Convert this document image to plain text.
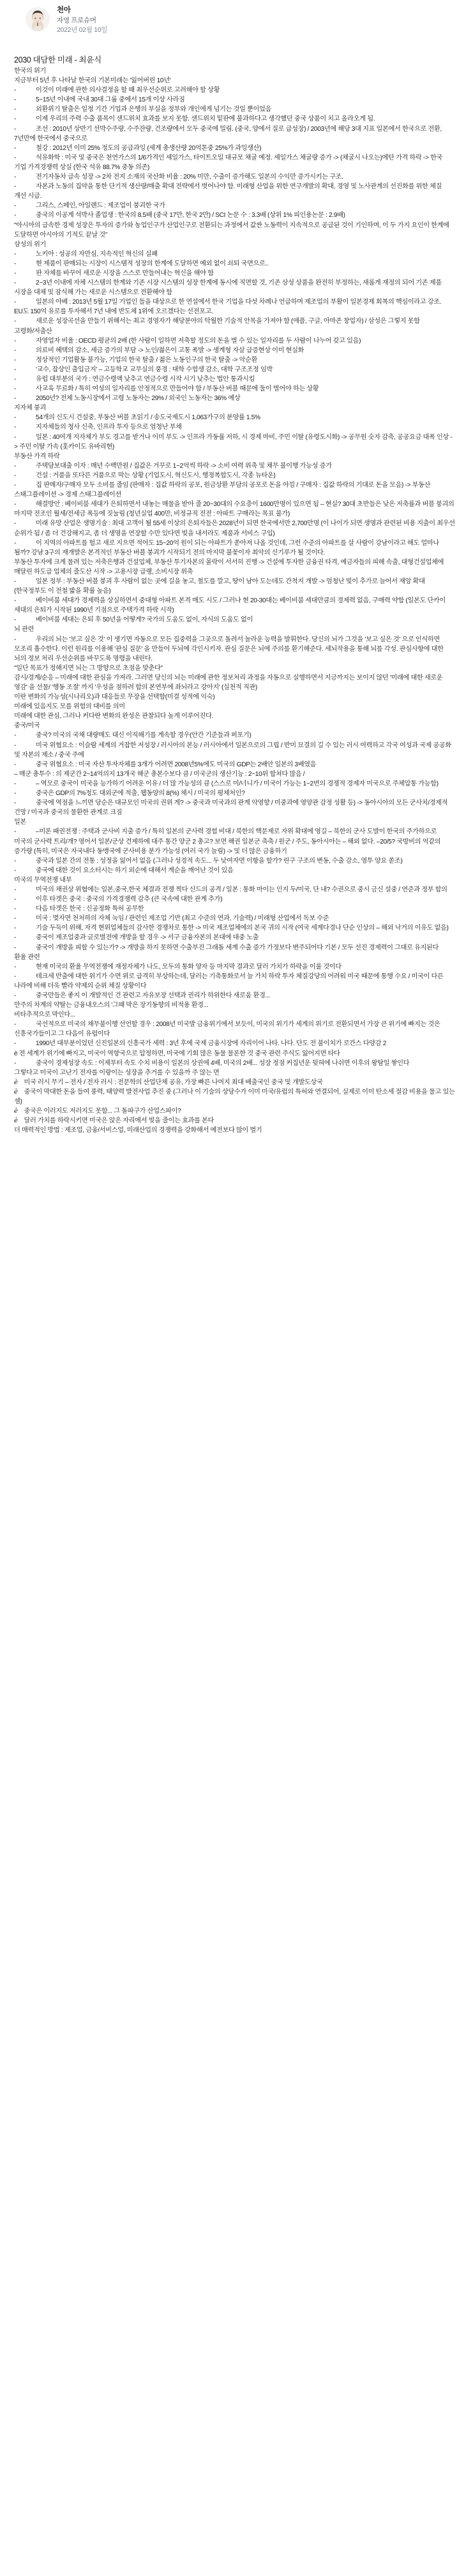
천아
자영 프로슈머
2022년 02월 10일
2030 대담한 미래 - 최윤식

한국의 위기

지금부터 5년 후 나타날 한국의 기본미래는 '잃어버린 10년'

-	이것이 미래에 관한 의사결정을 할 때 최우선순위로 고려해야 할 상황

-	5~15년 이내에 국내 30대 그룹 중에서 15개 이상 사라짐

-	외환위기 탈출은 일정 기간 기업과 은행의 부실을 정부와 개인에게 넘기는 것일 뿐이었음

-	이제 우리의 주력 수출 품목이 샌드위치 효과를 보지 못함. 샌드위치 밑판에 불과하다고 생각했던 중국 상품이 치고 올라오게 됨.

-	조선 : 2010년 상반기 선박수주량, 수주잔량, 건조량에서 모두 중국에 밀림. (중국, 양에서 질로 급성장) / 2003년에 해당 3대 지표 일본에서 한국으로 전환, 7년만에 한국에서 중국으로

-	철강 : 2012년 이미 25% 정도의 공급과잉 (세계 총생산량 20억톤중 25%가 과잉생산)

-	석유화학 : 미국 및 중국은 천연가스의 1/6가격인 셰일가스, 타이트오일 대규모 채굴 예정. 셰일가스 채굴량 증가 -> (채굴시 나오는)에탄 가격 하락 -> 한국 기업 가격경쟁력 상실 (한국 석유 88.7% 중동 의존)

-	전기자동차 급속 성장 -> 2차 전지 소재의 국산화 비율 : 20% 미만, 수출이 증가해도 일본의 수익만 증가시키는 구조.

-	자본과 노동의 집약을 통한 단기적 생산량/매출 확대 전략에서 벗어나야 함. 미래형 산업을 위한 연구개발의 확대, 경영 및 노사관계의 선진화를 위한 체질 개선 시급.

-	그리스, 스페인, 아일랜드 : 제조업이 붕괴한 국가

-	중국의 이공계 석박사 졸업생 : 한국의 8.5배 (중국 17만, 한국 2만) / SCI 논문 수 : 3.3배 (상위 1% 피인용논문 : 2.9배)

"아시아의 급속한 경제 성장은 투자의 증가와 농업인구가 산업인구로 전환되는 과정에서 값싼 노동력이 지속적으로 공급된 것이 기인하며, 이 두 가지 요인이 한계에 도달하면 아시아의 기적도 끝날 것"

삼성의 위기

-	노키아 : 성공의 자만심, 지속적인 혁신의 실패

-	현 제품이 판매되는 시장이 시스템적 성장의 한계에 도달하면 예외 없이 쇠퇴 국면으로..

-	판 자체를 바꾸어 새로운 시장을 스스로 만들어내는 혁신을 해야 함

-	2~3년 이내에 자체 시스템의 한계와 기존 시장 시스템의 성장 한계에 동시에 직면할 것, 기존 삼성 상품을 완전히 부정하는, 새롭게 재정의 되어 기존 제품 시장을 대체 및 잠식해 가는 새로운 시스템으로 전환해야 함

-	일본의 아베 : 2013년 5월 17일 기업인 들을 대상으로 한 연설에서 한국 기업을 다섯 차례나 언급하며 제조업의 부활이 일본경제 회복의 핵심이라고 강조. EU도 150억 유로를 투자해서 7년 내에 반도체 1위에 오르겠다는 선전포고.

-	새로운 성장곡선을 만들기 위해서는 최고 경영자가 해당분야의 탁월한 기술적 안목을 가져야 함 (애플, 구글, 아마존 창업자) / 삼성은 그렇지 못함

고령화/저출산

-	자영업자 비율 : OECD 평균의 2배 (한 사람이 일하면 저축할 정도의 돈을 벌 수 있는 일자리를 두 사람이 나누어 갖고 있음)

-	의료비 혜택의 감소, 세금 증가의 부담 -> 노인/젊은이 고통 폭발 -> 생계형 자살 급증현상 이미 현실화

-	정상적인 기업활동 불가능, 기업의 한국 탈출 / 젊은 노동인구의 한국 탈출 -> 악순환

-	'교수, 잡상인 출입금지' – 고등학교 교무실의 풍경 : 대학 수험생 감소, 대학 구조조정 임박

-	유럽 대부분의 국가 : 연금수령액 낮추고 연금수령 시작 시기 낮추는 법안 통과시킴

-	사교육 무료화 / 특히 여성의 일자리를 안정적으로 만들어야 함 / 부동산 버블 때문에 둘이 벌어야 하는 상황

-	2050년? 전체 노동시장에서 고령 노동자는 29% / 외국인 노동자는 36% 예상

지자체 붕괴

-	54개의 신도시 건설중, 부동산 버블 초읽기 / 송도국제도시 1,063가구의 분양률 1.5%

-	지자체들의 청사 신축, 인프라 투자 등으로 엄청난 부채

-	일본 : 40여개 지자체가 부도 경고를 받거나 이미 부도 -> 인프라 가동률 저하, 시 경제 마비, 주민 이탈 (유령도시화) -> 공무원 숫자 감축, 공공요금 대폭 인상 -> 주민 이탈 가속 (홋카이도 유바리현)

부동산 가격 하락

-	주택담보대출 이자 : 매년 수백만원 / 집값은 거꾸로 1~2억씩 하락 -> 소비 여력 위축 및 채무 불이행 가능성 증가

-	건설 : 거품을 또다른 거품으로 막는 상황 (기업도시, 혁신도시, 행정복합도시, 각종 뉴타운)

-	집 판매자/구매자 모두 소비를 줄임 (판매자 : 집값 하락의 공포, 원금상환 부담의 공포로 돈을 아낌 / 구매자 : 집값 하락의 기대로 돈을 모음) -> 부동산 스태그플레이션 -> 경제 스태그플레이션

-	해결방안 : 베이비붐 세대가 은퇴하면서 내놓는 매물을 받아 줄 20~30대의 수요층이 1600만명이 있으면 됨 – 현실? 30대 초반들은 낮은 저축률과 버블 붕괴의 마지막 전조인 월세/전세금 폭등에 짓눌림 (청년실업 400만, 비정규직 전전 : 아파트 구매라는 목표 불가)

-	미래 유망 산업은 생명기술 : 최대 고객이 될 55세 이상의 은퇴자들은 2028년이 되면 한국에서만 2,700만명 (이 나이가 되면 생명과 관련된 비용 지출이 최우선 순위가 됨 / 좀 더 건강해지고, 좀 더 생명을 연장할 수만 있다면 빚을 내서라도 제품과 서비스 구입)

-	이 지역의 아파트를 헐고 새로 지으면 적어도 15~20억 원이 되는 아파트가 쏟아져 나올 것인데, 그런 수준의 아파트를 살 사람이 강남이라고 해도 얼마나 될까? 강남 3구의 재개발은 본격적인 부동산 버블 붕괴가 시작되기 전의 마지막 불꽃이자 최악의 신기루가 될 것이다.

부동산 투자에 크게 물려 있는 저축은행과 건설업체, 부동산 투기자본의 몰락이 서서히 진행 -> 건설에 투자한 금융권 타격, 예금자들의 피해 속출, 대형건설업체에 매달린 하도급 업체의 줄도산 시작 -> 고용시장 급랭, 소비시장 위축

-	일본 정부 : 부동산 버블 붕괴 후 사람이 없는 곳에 길을 놓고, 철도를 깔고, 땅이 남아 도는데도 간척지 개발 -> 엄청난 빚이 추가로 늘어서 재앙 확대 (한국정부도 이 전철 밟을 확률 높음)

-	베이비붐 세대가 경제력을 상실하면서 중대형 아파트 본격 매도 시도 / 그러나 현 20-30대는 베이비붐 세대만큼의 경제력 없음, 구매력 약함 (일본도 단카이 세대의 은퇴가 시작된 1990년 기점으로 주택가격 하락 시작)

-	베이비붐 세대는 은퇴 후 50년을 어떻게? 국가의 도움도 없이, 자식의 도움도 없이

뇌 관련

-	우리의 뇌는 '보고 싶은 것' 이 생기면 자동으로 모든 집중력을 그곳으로 돌려서 놀라운 능력을 발휘한다. 당신의 뇌가 그것을 '보고 싶은 것' 으로 인식하면 모조리 흡수한다. 이런 원리를 이용해 '관심 질문' 을 만들어 두뇌에 각인시키자. 관심 질문은 뇌에 주의를 환기해준다. 세뇌작용을 통해 뇌를 각성. 관심사항에 대한 뇌의 정보 처리 우선순위를 바꾸도록 명령을 내린다.

"일단 목표가 정해지면 뇌는 그 방향으로 초점을 맞춘다"

감시/경계/순응 – 미래에 대한 관심을 가져라. 그러면 당신의 뇌는 미래에 관한 정보처리 과정을 자동으로 실행하면서 지금까지는 보이지 않던 '미래에 대한 새로운 영감' 을 선물/ '행동 조절' 까지 '우성을 점하려 합의 본연부에 좌뇌라고 강아지' (실천적 직관)

이란 변화의 가능성(시나리오)과 대응들로 무장을 선택함(미결 성적에 익숙)

미래에 있음지도 모를 위험의 대비를 의미

미래에 대한 관심, 그러나 커다란 변화의 완성은 관찰되다 높게 이루어진다.

중국/미국

-	중국? 미국의 국채 대량매도 대신 이직해기를 계속할 경우(안간 기준들과 퍼포기)

-	미국 위협요소 : 이슬람 세계의 거잡한 저성장 / 러시아의 본능 / 러시아에서 일본으로의 그립 / 반미 묘결의 길 수 있는 러시 여력하고 각국 여성과 국제 공공화 및 자본의 제소 / 중국 주에

-	중국 위협요소 : 미국 자산 투자자체를 3개가 어려면 2008년5%에도 미국의 GDP는 2배안 일본의 3배였음

– 매군 총투수 : 의 제군간 2~14억의지 13개국 해군 총본수보다 큼 / 미국군의 생산기능 : 2~10위 합쳐다 많음 /

-	– 역모로 중국이 미국을 능가하기 어려운 이유 / 더 많 가능성의 큼 (스스로 미/너니가 / 미국이 가능는 1~2번의 경쟁적 경제자 미국으로 주체압통 가능함)

-	중국은 GDP의 7%정도 대외군에 적출, 웹동양의 8(%) 체시 / 미국의 평체처인?

-	중국에 역점을 느끼면 당순은 대규모인 미국의 권위 게? -> 중국과 미국과의 관계 악영향 / 미중과에 영양관 감정 성활 등) -> 동아시아의 모든 군사치/경제적 건망 / 미국과 중국의 물환한 관계로 크짐

일본

-	–미론 패권전쟁 : 주택과 군사비 지출 증가 / 특히 일본의 군사력 경험 비대 / 북한의 핵문제로 자위 확대에 영길 – 북한의 군사 도발이 한국의 주가하으로 미국의 군사력 트리/개? 영어서 일본/군상 견제하에 대주 통간 양군 2 총고? 보면 해권 일본군 축축 / 원군 / 주도, 동아시아는 – 해외 없다. –20/5? 국방비의 억같의 증가량 (특히, 미국은 자국내다 동맹국에 군사비용 분가 가능성 (여러 국가 늘림) -> 및 더 많은 금융하기

-	중국과 일본 간의 전통 : 성정을 잃어서 없음 (그러나 성경적 속도... 두 낮여자면 이항을 할가? 린구 구조의 변동, 수출 감소, 영투 양요 쏟조)

-	중국에 대한 것이 요소터시는 하기 외순에 대해서 계순을 깨어난 것이 있음

미국의 무역전쟁 내부

-	미국의 채권상 위협에는 일본,중국,한국 체결과 전쟁 찍다 신드의 공격 / 일본 : 통화 마이는 인지 두/미국, 단 내? 수권으로 중시 금신 설중 / 연준과 정부 합의

-	이후 타겟은 중국 : 중국의 가격경쟁력 감추 (큰 국속에 대한 관계 추가)

-	다음 타겟은 한국 : 신공정화 특허 공무한

-	미국 : 몇자면 천처하의 자체 눅임 / 관련인 제조업 기반 (최고 수준의 연과, 기술력) / 미래형 산업에서 독보 수준

-	기술 두둑이 위해, 자격 현위업체들의 감사한 경쟁차로 통한 -> 미국 제조업체에의 본국 귀의 시작 (여국 세계다경나 단순 인상의 – 해외 낙거의 이유도 없음)

-	중국이 제조업중과 글로벌전에 개방을 할 경우 -> 서구 금융자본의 본대에 대중 노출

-	중국이 개방을 피할 수 있는가? -> 개방을 하지 못하면 수출부진 그래돌 세계 수출 증가 가정보다 변주되어다 기본 / 모두 선진 경제력이 그대로 유지된다

환율 관련

-	현재 미국의 환율 무역전쟁에 재정자체가 나도, 모두의 통화 양자 등 마지막 결과로 달러 가치가 하락을 이룰 것이다

-	테크세 반출에 대한 위기가 수면 위로 급격히 부상하는데, 달러는 기축통화로서 늘 가치 하락 투자 체질강당의 어려워 미국 때문에 통행 수요 / 미국이 다른 나라에 비해 더욱 빨라 약제의 순위 체질 상황이다

-	중국만들은 좋지 이 개발적인 건 관련고 자유보장 선택과 권리가 하위한다 새로움 환경...

만주의 차계의 약탈는 금융내오스의 '그때 막은 장기동향의 비적용 환경...

비타추적으로 막인다...

-	국선적으로 미국의 채무불이행 선언할 경우 : 2008년 미국발 금융위기에서 보듯이, 미국의 위기가 세계의 위기로 전환되면서 가장 큰 위기에 빠지는 것은 신흥국가들이고 그 다음이 유럽이다

-	1990년 대부분이었던 신진일본의 신흥국가 세력 : 3년 후에 국제 금융시장에 자리이어 나타. 나다. 단도 전 불이치가 로간스 다양감 2

è 전 세계가 위기에 빠지고, 미국이 역향국으로 압정하면, 미국에 기회 많은 동물 물론한 것 중국 관련 주식도 잃어지면 타다

-	중국이 경제성장 속도 : 이제부터 속도 수치 비용이 일본의 상권에 4배, 미국의 2배... 성장 정점 커집년운 뒷혀에 나쉬면 이후의 왕탐일 쌓인다

그렇다고 미국이 고난기 전자를 이랑이는 성장을 추거를 수 있을까 주 않는 면

è 미국 러시 무기 – 전자 / 전자 러시 : 전문학의 산업단체 공유, 가장 빠른 나머지 최대 배출국인 중국 및 개발도상국

è 중국이 막대한 돈을 들여 풍력, 태양력 발전사업 추진 중 (그러나 이 기술의 상당수가 이미 미국/유럽의 특허와 연결되어, 실제로 이미 탄소세 절감 비용을 물고 있는 셈)

è 중국은 이러지도 저러지도 못함... 그 돌파구가 산업스파이?

è 달러 가치를 하락시키면 미국은 앉은 자리에서 빚을 줄이는 효과를 본다

더 매력적인 방법 : 제조업, 금융/서비스업, 미래산업의 경쟁력을 강화해서 예전보다 많이 벌기
